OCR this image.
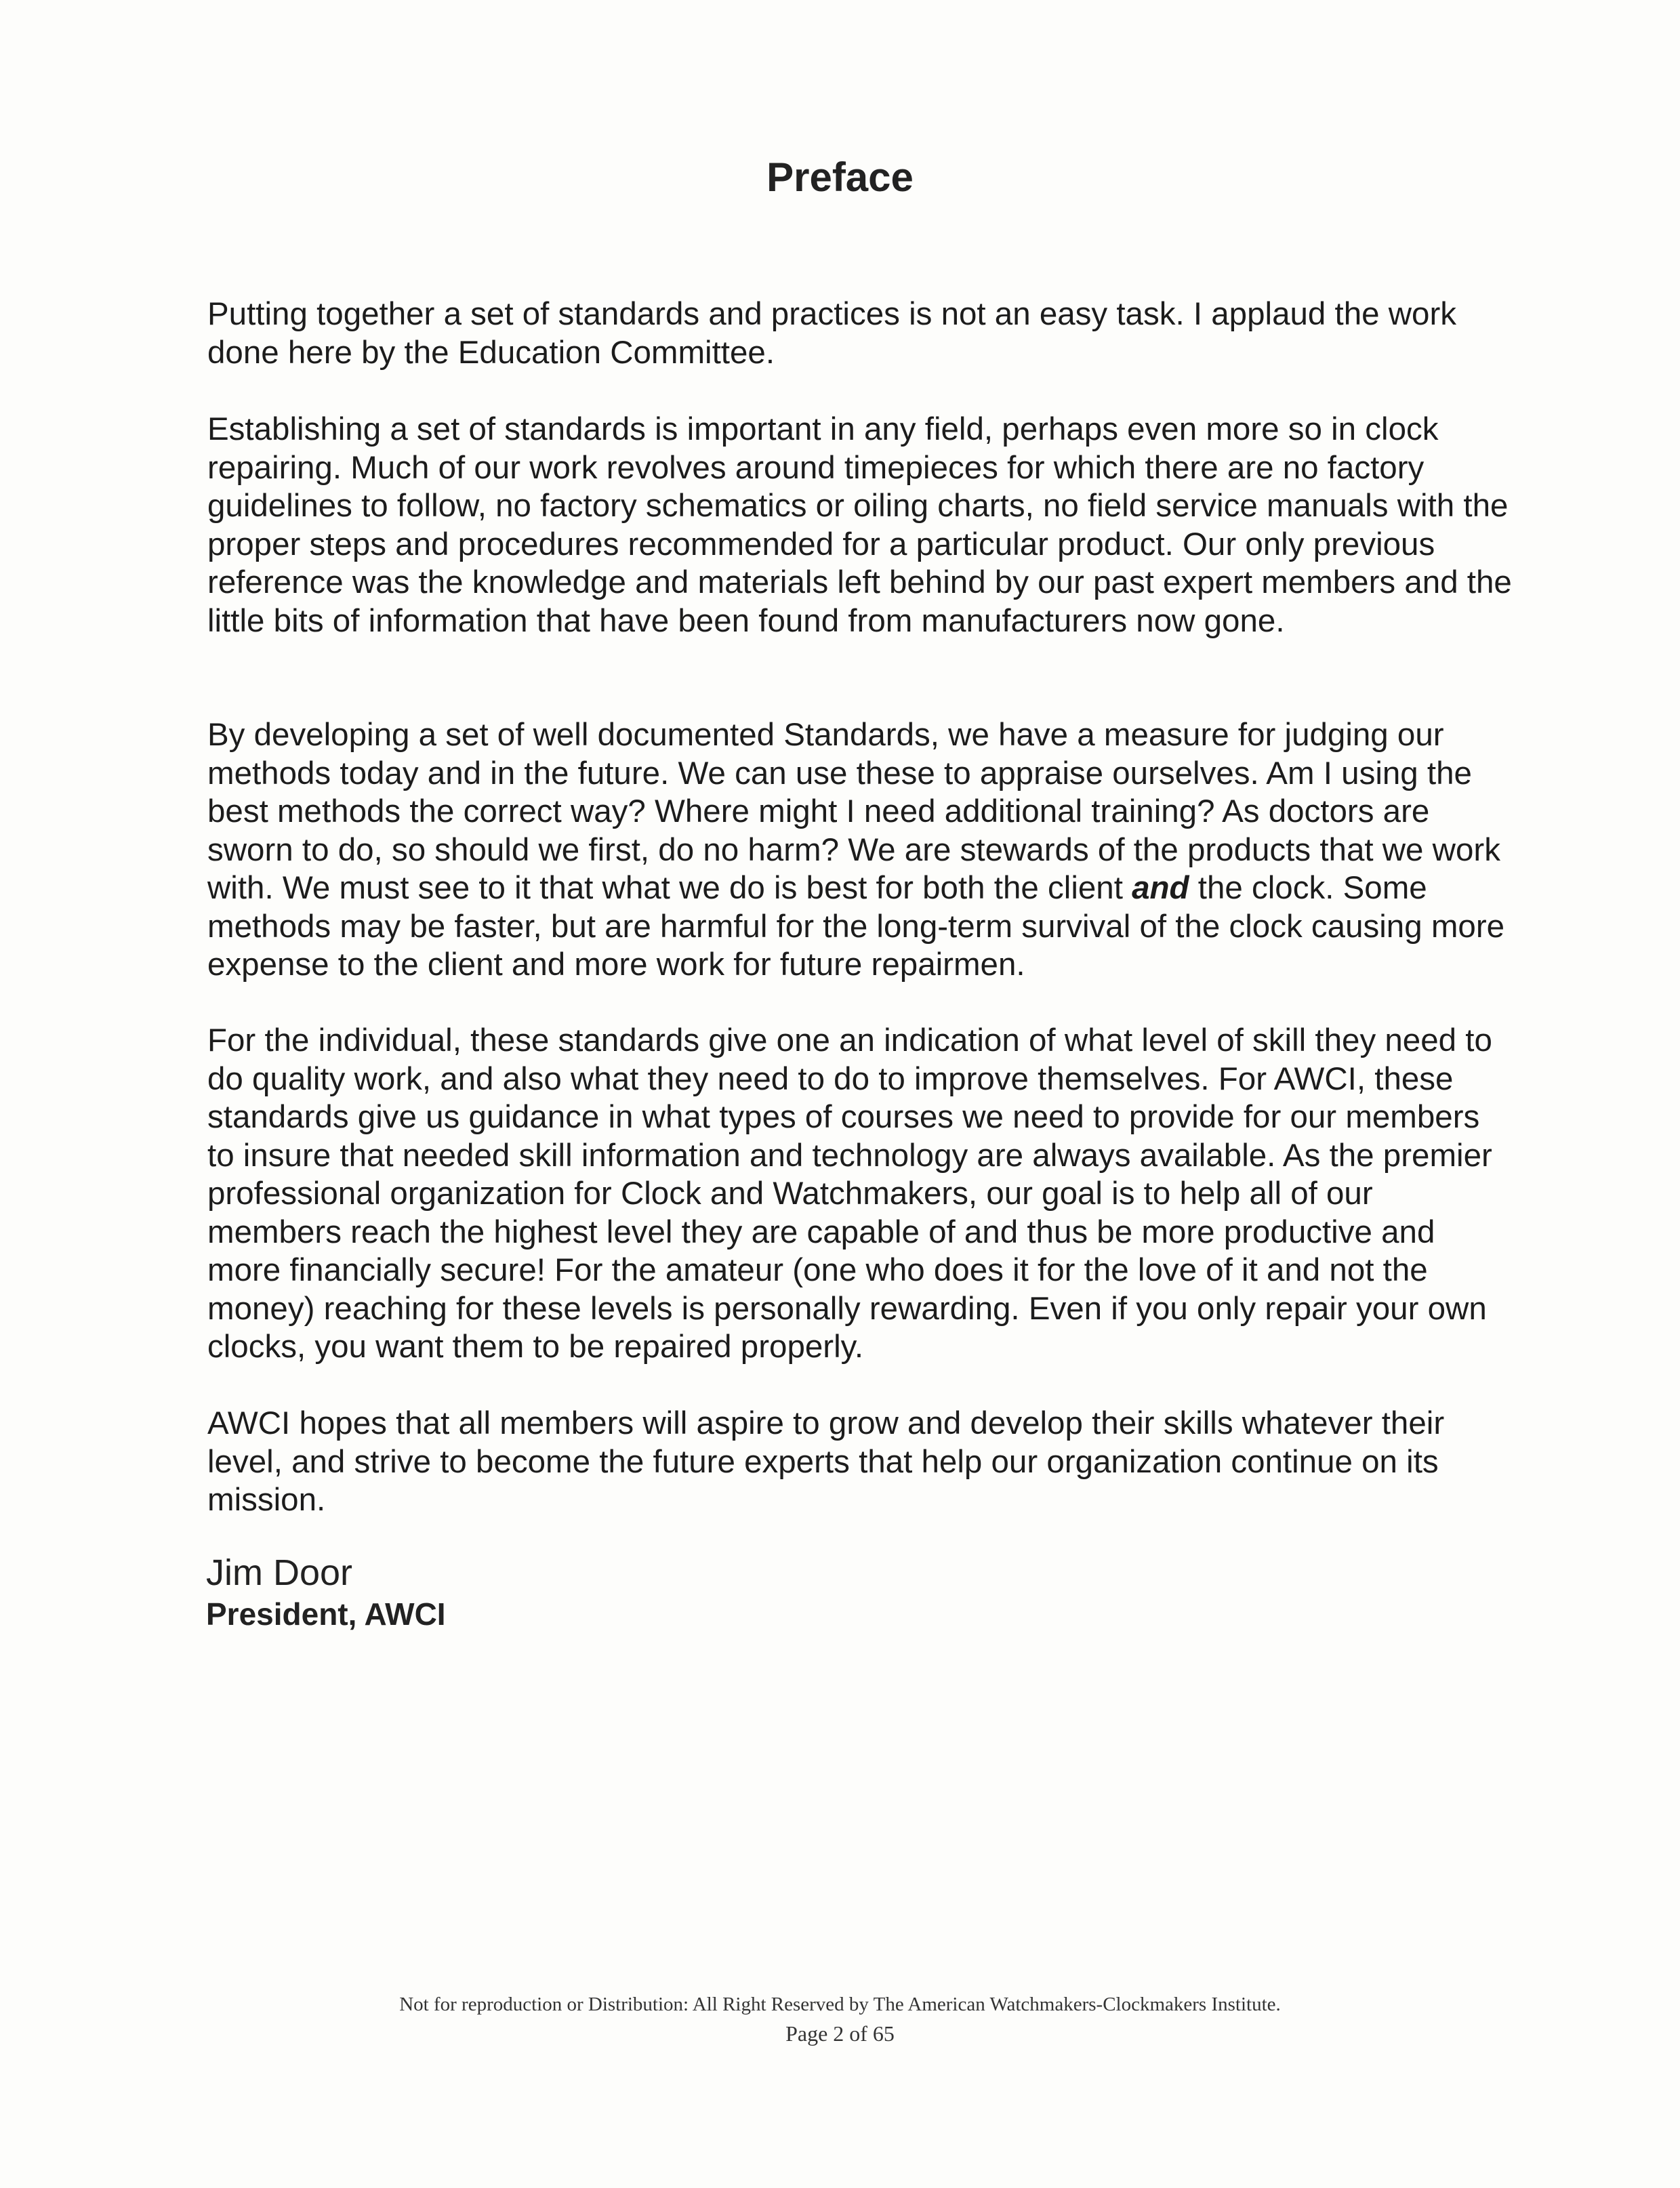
Preface

Putting together a set of standards and practices is not an easy task. I applaud the work done here by the Education Committee.

Establishing a set of standards is important in any field, perhaps even more so in clock repairing. Much of our work revolves around timepieces for which there are no factory guidelines to follow, no factory schematics or oiling charts, no field service manuals with the proper steps and procedures recommended for a particular product. Our only previous reference was the knowledge and materials left behind by our past expert members and the little bits of information that have been found from manufacturers now gone.

By developing a set of well documented Standards, we have a measure for judging our methods today and in the future. We can use these to appraise ourselves. Am I using the best methods the correct way? Where might I need additional training? As doctors are sworn to do, so should we first, do no harm? We are stewards of the products that we work with. We must see to it that what we do is best for both the client and the clock. Some methods may be faster, but are harmful for the long-term survival of the clock causing more expense to the client and more work for future repairmen.

For the individual, these standards give one an indication of what level of skill they need to do quality work, and also what they need to do to improve themselves. For AWCI, these standards give us guidance in what types of courses we need to provide for our members to insure that needed skill information and technology are always available. As the premier professional organization for Clock and Watchmakers, our goal is to help all of our members reach the highest level they are capable of and thus be more productive and more financially secure! For the amateur (one who does it for the love of it and not the money) reaching for these levels is personally rewarding. Even if you only repair your own clocks, you want them to be repaired properly.

AWCI hopes that all members will aspire to grow and develop their skills whatever their level, and strive to become the future experts that help our organization continue on its mission.

Jim Door
President, AWCI
Not for reproduction or Distribution: All Right Reserved by The American Watchmakers-Clockmakers Institute.
Page 2 of 65
